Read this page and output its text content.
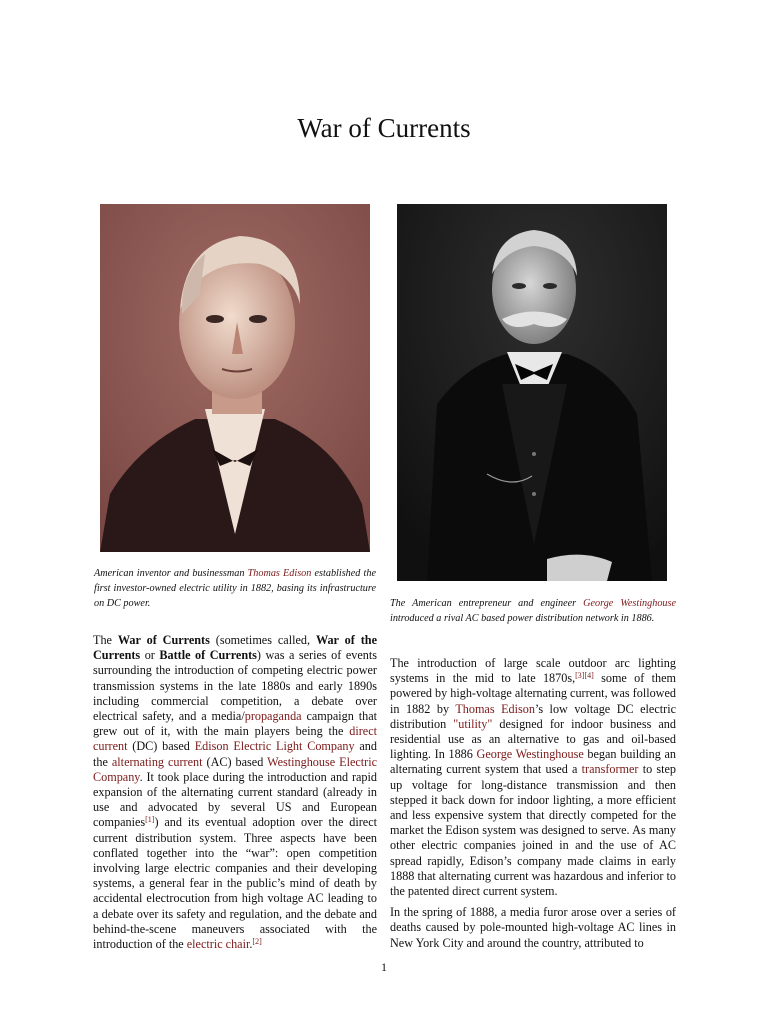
War of Currents
American inventor and businessman Thomas Edison established the first investor-owned electric utility in 1882, basing its infrastructure on DC power.	The American entrepreneur and engineer George Westinghouse introduced a rival AC based power distribution network in 1886.

The War of Currents (sometimes called, War of the Currents or Battle of Currents) was a series of events surrounding the introduction of competing electric power transmission systems in the late 1880s and early 1890s including commercial competition, a debate over electrical safety, and a media/propaganda campaign that grew out of it, with the main players being the direct current (DC) based Edison Electric Light Company and the alternating current (AC) based Westinghouse Electric Company. It took place during the introduction and rapid expansion of the alternating current standard (already in use and advocated by several US and European companies[1]) and its eventual adoption over the direct current distribution system. Three aspects have been conflated together into the “war”: open competition involving large electric companies and their developing systems, a general fear in the public’s mind of death by accidental electrocution from high voltage AC leading to a debate over its safety and regulation, and the debate and behind-the-scene maneuvers associated with the introduction of the electric chair.[2]

The introduction of large scale outdoor arc lighting systems in the mid to late 1870s,[3][4] some of them powered by high-voltage alternating current, was followed in 1882 by Thomas Edison’s low voltage DC electric distribution "utility" designed for indoor business and residential use as an alternative to gas and oil-based lighting. In 1886 George Westinghouse began building an alternating current system that used a transformer to step up voltage for long-distance transmission and then stepped it back down for indoor lighting, a more efficient and less expensive system that directly competed for the market the Edison system was designed to serve. As many other electric companies joined in and the use of AC spread rapidly, Edison’s company made claims in early 1888 that alternating current was hazardous and inferior to the patented direct current system.

In the spring of 1888, a media furor arose over a series of deaths caused by pole-mounted high-voltage AC lines in New York City and around the country, attributed to

1
